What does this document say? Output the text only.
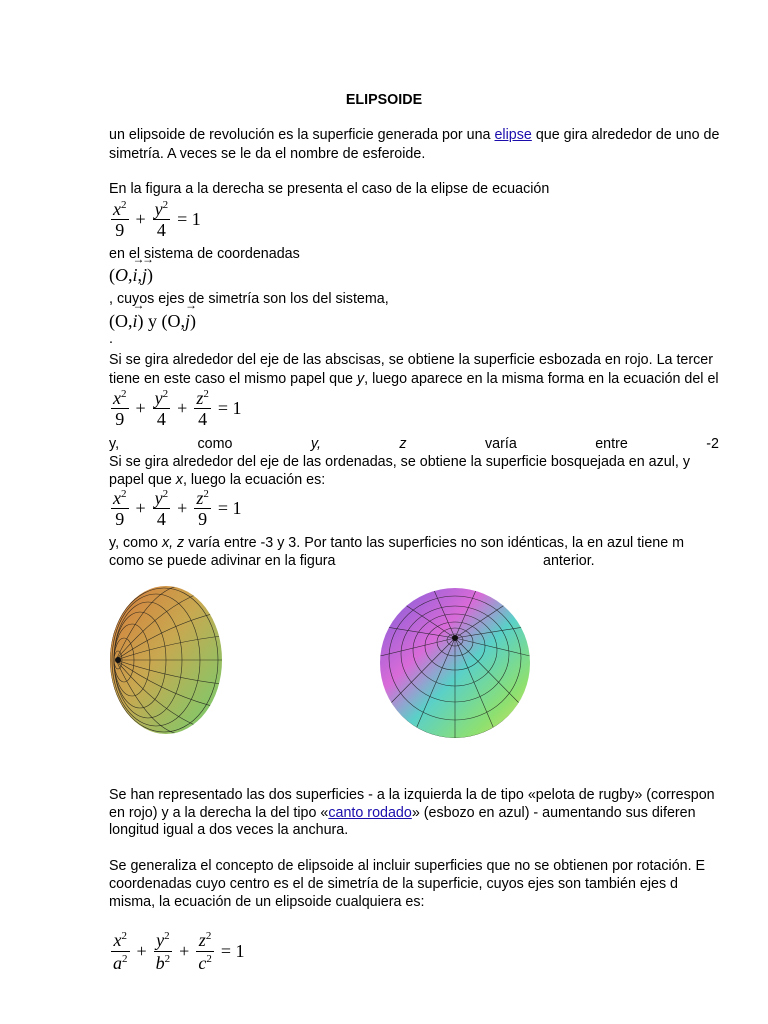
ELIPSOIDE
un elipsoide de revolución es la superficie generada por una elipse que gira alrededor de uno de
simetría. A veces se le da el nombre de esferoide.
En la figura a la derecha se presenta el caso de la elipse de ecuación
$\frac{x^2}{9} + \frac{y^2}{4} = 1$
en el sistema de coordenadas
(O,→ i,→ j)
, cuyos ejes de simetría son los del sistema,
(O,→ i) y (O,→ j)
.
Si se gira alrededor del eje de las abscisas, se obtiene la superficie esbozada en rojo. La tercer
tiene en este caso el mismo papel que y, luego aparece en la misma forma en la ecuación del el
$\frac{x^2}{9} + \frac{y^2}{4} + \frac{z^2}{4} = 1$
y,	como	y,	z	varía	entre	-2
Si se gira alrededor del eje de las ordenadas, se obtiene la superficie bosquejada en azul, y
papel que x, luego la ecuación es:
$\frac{x^2}{9} + \frac{y^2}{4} + \frac{z^2}{9} = 1$
y, como x, z varía entre -3 y 3. Por tanto las superficies no son idénticas, la en azul tiene m
como se puede adivinar en la figura	anterior.
Se han representado las dos superficies - a la izquierda la de tipo «pelota de rugby» (correspon
en rojo) y a la derecha la del tipo «canto rodado» (esbozo en azul) - aumentando sus diferen
longitud igual a dos veces la anchura.
Se generaliza el concepto de elipsoide al incluir superficies que no se obtienen por rotación. E
coordenadas cuyo centro es el de simetría de la superficie, cuyos ejes son también ejes d
misma, la ecuación de un elipsoide cualquiera es:
$\frac{x^2}{a^2} + \frac{y^2}{b^2} + \frac{z^2}{c^2} = 1$
